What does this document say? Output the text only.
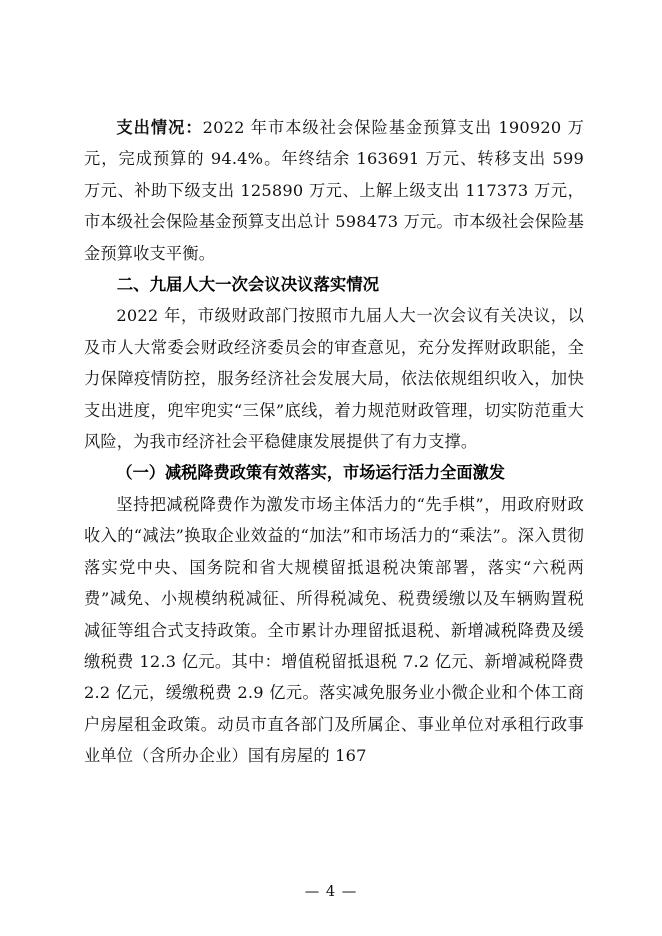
支出情况：2022 年市本级社会保险基金预算支出 190920 万元，完成预算的 94.4%。年终结余 163691 万元、转移支出 599 万元、补助下级支出 125890 万元、上解上级支出 117373 万元，市本级社会保险基金预算支出总计 598473 万元。市本级社会保险基金预算收支平衡。

二、九届人大一次会议决议落实情况

2022 年，市级财政部门按照市九届人大一次会议有关决议，以及市人大常委会财政经济委员会的审查意见，充分发挥财政职能，全力保障疫情防控，服务经济社会发展大局，依法依规组织收入，加快支出进度，兜牢兜实“三保”底线，着力规范财政管理，切实防范重大风险，为我市经济社会平稳健康发展提供了有力支撑。

（一）减税降费政策有效落实，市场运行活力全面激发

坚持把减税降费作为激发市场主体活力的“先手棋”，用政府财政收入的“减法”换取企业效益的“加法”和市场活力的“乘法”。深入贯彻落实党中央、国务院和省大规模留抵退税决策部署，落实“六税两费”减免、小规模纳税减征、所得税减免、税费缓缴以及车辆购置税减征等组合式支持政策。全市累计办理留抵退税、新增减税降费及缓缴税费 12.3 亿元。其中：增值税留抵退税 7.2 亿元、新增减税降费 2.2 亿元，缓缴税费 2.9 亿元。落实减免服务业小微企业和个体工商户房屋租金政策。动员市直各部门及所属企、事业单位对承租行政事业单位（含所办企业）国有房屋的 167

— 4 —
